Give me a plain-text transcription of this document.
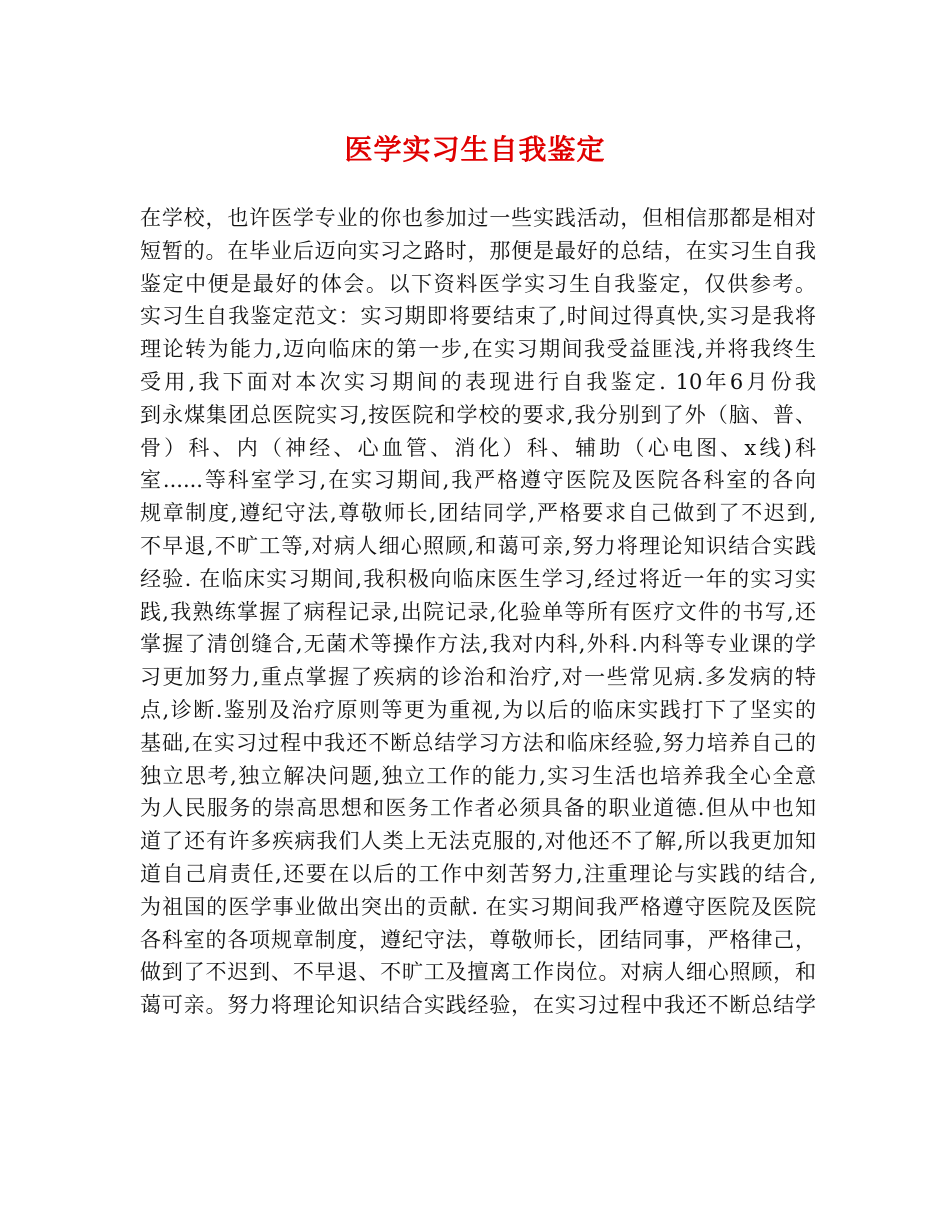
医学实习生自我鉴定
在学校，也许医学专业的你也参加过一些实践活动，但相信那都是相对
短暂的。在毕业后迈向实习之路时，那便是最好的总结，在实习生自我
鉴定中便是最好的体会。以下资料医学实习生自我鉴定，仅供参考。
实习生自我鉴定范文：实习期即将要结束了,时间过得真快,实习是我将
理论转为能力,迈向临床的第一步,在实习期间我受益匪浅,并将我终生
受用,我下面对本次实习期间的表现进行自我鉴定. 10年6月份我
到永煤集团总医院实习,按医院和学校的要求,我分别到了外（脑、普、
骨）科、内（神经、心血管、消化）科、辅助（心电图、x线)科
室......等科室学习,在实习期间,我严格遵守医院及医院各科室的各向
规章制度,遵纪守法,尊敬师长,团结同学,严格要求自己做到了不迟到,
不早退,不旷工等,对病人细心照顾,和蔼可亲,努力将理论知识结合实践
经验. 在临床实习期间,我积极向临床医生学习,经过将近一年的实习实
践,我熟练掌握了病程记录,出院记录,化验单等所有医疗文件的书写,还
掌握了清创缝合,无菌术等操作方法,我对内科,外科.内科等专业课的学
习更加努力,重点掌握了疾病的诊治和治疗,对一些常见病.多发病的特
点,诊断.鉴别及治疗原则等更为重视,为以后的临床实践打下了坚实的
基础,在实习过程中我还不断总结学习方法和临床经验,努力培养自己的
独立思考,独立解决问题,独立工作的能力,实习生活也培养我全心全意
为人民服务的崇高思想和医务工作者必须具备的职业道德.但从中也知
道了还有许多疾病我们人类上无法克服的,对他还不了解,所以我更加知
道自己肩责任,还要在以后的工作中刻苦努力,注重理论与实践的结合,
为祖国的医学事业做出突出的贡献. 在实习期间我严格遵守医院及医院
各科室的各项规章制度，遵纪守法，尊敬师长，团结同事，严格律己，
做到了不迟到、不早退、不旷工及擅离工作岗位。对病人细心照顾，和
蔼可亲。努力将理论知识结合实践经验，在实习过程中我还不断总结学
